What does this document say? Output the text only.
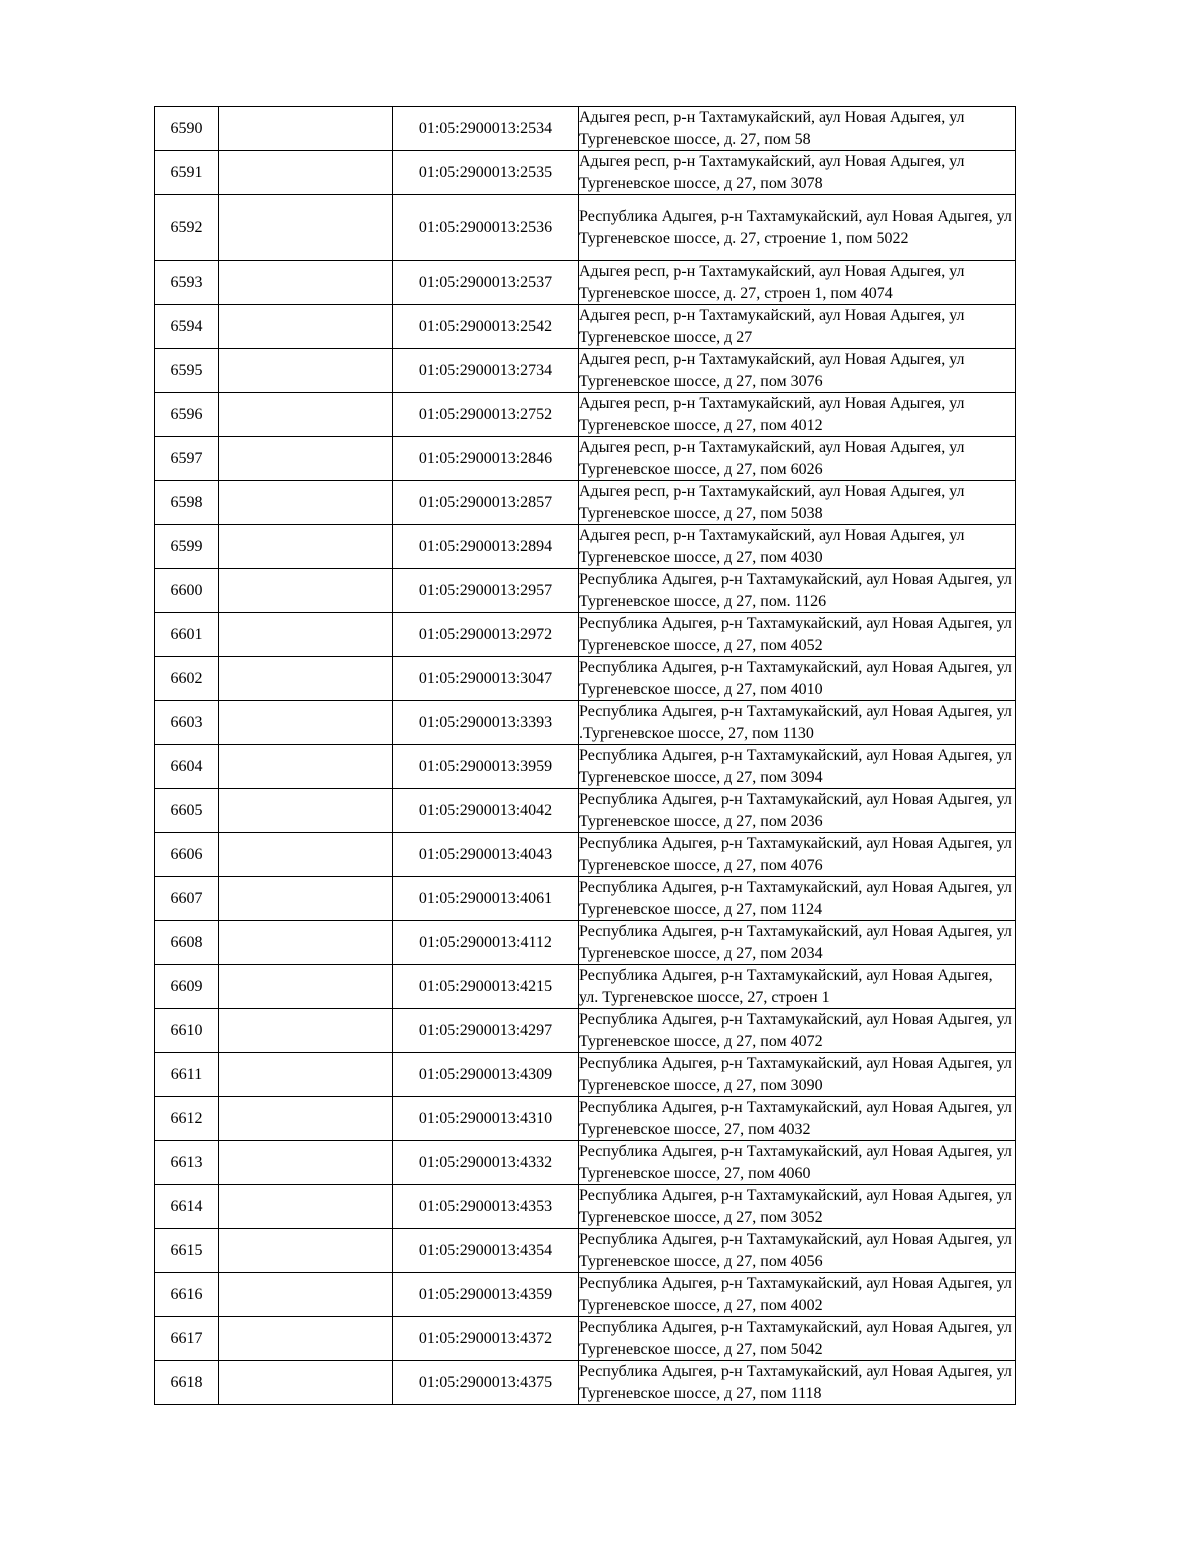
6590		01:05:2900013:2534	Адыгея респ, р-н Тахтамукайский, аул Новая Адыгея, ул Тургеневское шоссе, д. 27, пом 58
6591		01:05:2900013:2535	Адыгея респ, р-н Тахтамукайский, аул Новая Адыгея, ул Тургеневское шоссе, д 27, пом 3078
6592		01:05:2900013:2536	Республика Адыгея, р-н Тахтамукайский, аул Новая Адыгея, ул Тургеневское шоссе, д. 27, строение 1, пом 5022
6593		01:05:2900013:2537	Адыгея респ, р-н Тахтамукайский, аул Новая Адыгея, ул Тургеневское шоссе, д. 27, строен 1, пом 4074
6594		01:05:2900013:2542	Адыгея респ, р-н Тахтамукайский, аул Новая Адыгея, ул Тургеневское шоссе, д 27
6595		01:05:2900013:2734	Адыгея респ, р-н Тахтамукайский, аул Новая Адыгея, ул Тургеневское шоссе, д 27, пом 3076
6596		01:05:2900013:2752	Адыгея респ, р-н Тахтамукайский, аул Новая Адыгея, ул Тургеневское шоссе, д 27, пом 4012
6597		01:05:2900013:2846	Адыгея респ, р-н Тахтамукайский, аул Новая Адыгея, ул Тургеневское шоссе, д 27, пом 6026
6598		01:05:2900013:2857	Адыгея респ, р-н Тахтамукайский, аул Новая Адыгея, ул Тургеневское шоссе, д 27, пом 5038
6599		01:05:2900013:2894	Адыгея респ, р-н Тахтамукайский, аул Новая Адыгея, ул Тургеневское шоссе, д 27, пом 4030
6600		01:05:2900013:2957	Республика Адыгея, р-н Тахтамукайский, аул Новая Адыгея, ул Тургеневское шоссе, д 27, пом. 1126
6601		01:05:2900013:2972	Республика Адыгея, р-н Тахтамукайский, аул Новая Адыгея, ул Тургеневское шоссе, д 27, пом 4052
6602		01:05:2900013:3047	Республика Адыгея, р-н Тахтамукайский, аул Новая Адыгея, ул Тургеневское шоссе, д 27, пом 4010
6603		01:05:2900013:3393	Республика Адыгея, р-н Тахтамукайский, аул Новая Адыгея, ул .Тургеневское шоссе, 27, пом 1130
6604		01:05:2900013:3959	Республика Адыгея, р-н Тахтамукайский, аул Новая Адыгея, ул Тургеневское шоссе, д 27, пом 3094
6605		01:05:2900013:4042	Республика Адыгея, р-н Тахтамукайский, аул Новая Адыгея, ул Тургеневское шоссе, д 27, пом 2036
6606		01:05:2900013:4043	Республика Адыгея, р-н Тахтамукайский, аул Новая Адыгея, ул Тургеневское шоссе, д 27, пом 4076
6607		01:05:2900013:4061	Республика Адыгея, р-н Тахтамукайский, аул Новая Адыгея, ул Тургеневское шоссе, д 27, пом 1124
6608		01:05:2900013:4112	Республика Адыгея, р-н Тахтамукайский, аул Новая Адыгея, ул Тургеневское шоссе, д 27, пом 2034
6609		01:05:2900013:4215	Республика Адыгея, р-н Тахтамукайский, аул Новая Адыгея, ул. Тургеневское шоссе, 27, строен 1
6610		01:05:2900013:4297	Республика Адыгея, р-н Тахтамукайский, аул Новая Адыгея, ул Тургеневское шоссе, д 27, пом 4072
6611		01:05:2900013:4309	Республика Адыгея, р-н Тахтамукайский, аул Новая Адыгея, ул Тургеневское шоссе, д 27, пом 3090
6612		01:05:2900013:4310	Республика Адыгея, р-н Тахтамукайский, аул Новая Адыгея, ул Тургеневское шоссе, 27, пом 4032
6613		01:05:2900013:4332	Республика Адыгея, р-н Тахтамукайский, аул Новая Адыгея, ул Тургеневское шоссе, 27, пом 4060
6614		01:05:2900013:4353	Республика Адыгея, р-н Тахтамукайский, аул Новая Адыгея, ул Тургеневское шоссе, д 27, пом 3052
6615		01:05:2900013:4354	Республика Адыгея, р-н Тахтамукайский, аул Новая Адыгея, ул Тургеневское шоссе, д 27, пом 4056
6616		01:05:2900013:4359	Республика Адыгея, р-н Тахтамукайский, аул Новая Адыгея, ул Тургеневское шоссе, д 27, пом 4002
6617		01:05:2900013:4372	Республика Адыгея, р-н Тахтамукайский, аул Новая Адыгея, ул Тургеневское шоссе, д 27, пом 5042
6618		01:05:2900013:4375	Республика Адыгея, р-н Тахтамукайский, аул Новая Адыгея, ул Тургеневское шоссе, д 27, пом 1118
